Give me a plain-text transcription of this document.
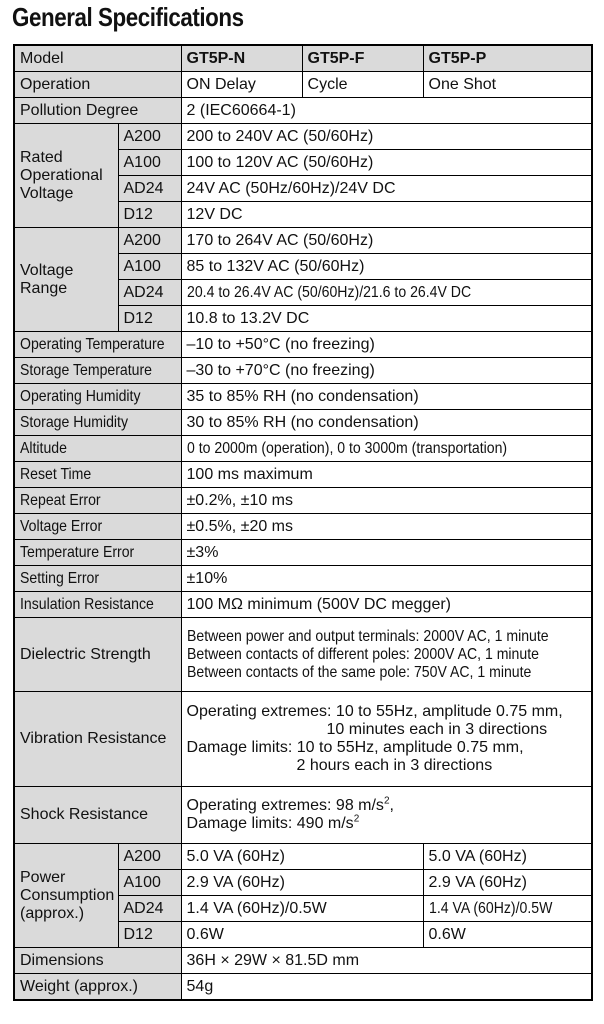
General Specifications
Model		GT5P-N	GT5P-F	GT5P-P
Operation		ON Delay	Cycle	One Shot
Pollution Degree		2 (IEC60664-1)		

Rated
Operational
Voltage	A200	200 to 240V AC (50/60Hz)		
	A100	100 to 120V AC (50/60Hz)		
	AD24	24V AC (50Hz/60Hz)/24V DC		
	D12	12V DC		

Voltage
Range	A200	170 to 264V AC (50/60Hz)		
	A100	85 to 132V AC (50/60Hz)		
	AD24	20.4 to 26.4V AC (50/60Hz)/21.6 to 26.4V DC		
	D12	10.8 to 13.2V DC		
Operating Temperature		–10 to +50°C (no freezing)		
Storage Temperature		–30 to +70°C (no freezing)		
Operating Humidity		35 to 85% RH (no condensation)		
Storage Humidity		30 to 85% RH (no condensation)		
Altitude		0 to 2000m (operation), 0 to 3000m (transportation)		
Reset Time		100 ms maximum		
Repeat Error		±0.2%, ±10 ms		
Voltage Error		±0.5%, ±20 ms		
Temperature Error		±3%		
Setting Error		±10%		
Insulation Resistance		100 MΩ minimum (500V DC megger)		
Dielectric Strength		Between power and output terminals: 2000V AC, 1 minute
Between contacts of different poles: 2000V AC, 1 minute
Between contacts of the same pole: 750V AC, 1 minute		

Vibration Resistance		Operating extremes: 10 to 55Hz, amplitude 0.75 mm,
10 minutes each in 3 directions
Damage limits: 10 to 55Hz, amplitude 0.75 mm,
2 hours each in 3 directions		

Shock Resistance		Operating extremes: 98 $m/s^2$,
Damage limits: 490 $m/s^2$

Power
Consumption
(approx.)	A200	5.0 VA (60Hz)		5.0 VA (60Hz)
	A100	2.9 VA (60Hz)		2.9 VA (60Hz)
	AD24	1.4 VA (60Hz)/0.5W		1.4 VA (60Hz)/0.5W
	D12	0.6W		0.6W
Dimensions		36H × 29W × 81.5D mm		
Weight (approx.)		54g		
